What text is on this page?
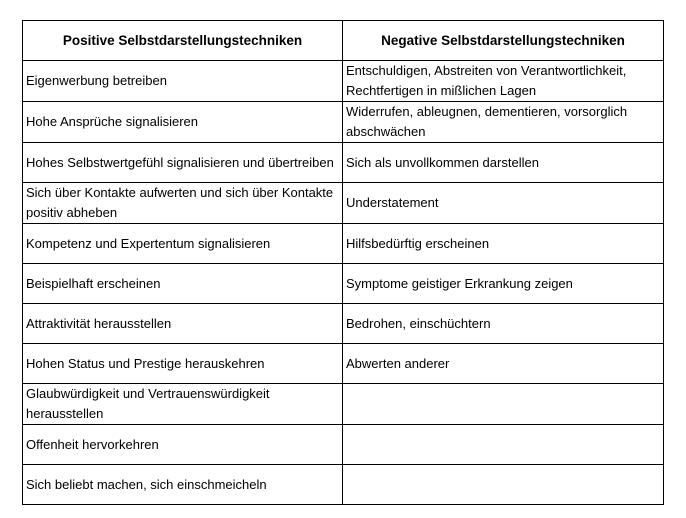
Positive Selbstdarstellungstechniken	Negative Selbstdarstellungstechniken
Eigenwerbung betreiben	Entschuldigen, Abstreiten von Verantwortlichkeit, Rechtfertigen in mißlichen Lagen
Hohe Ansprüche signalisieren	Widerrufen, ableugnen, dementieren, vorsorglich abschwächen
Hohes Selbstwertgefühl signalisieren und übertreiben	Sich als unvollkommen darstellen
Sich über Kontakte aufwerten und sich über Kontakte positiv abheben	Understatement
Kompetenz und Expertentum signalisieren	Hilfsbedürftig erscheinen
Beispielhaft erscheinen	Symptome geistiger Erkrankung zeigen
Attraktivität herausstellen	Bedrohen, einschüchtern
Hohen Status und Prestige herauskehren	Abwerten anderer
Glaubwürdigkeit und Vertrauenswürdigkeit herausstellen	
Offenheit hervorkehren	
Sich beliebt machen, sich einschmeicheln	
